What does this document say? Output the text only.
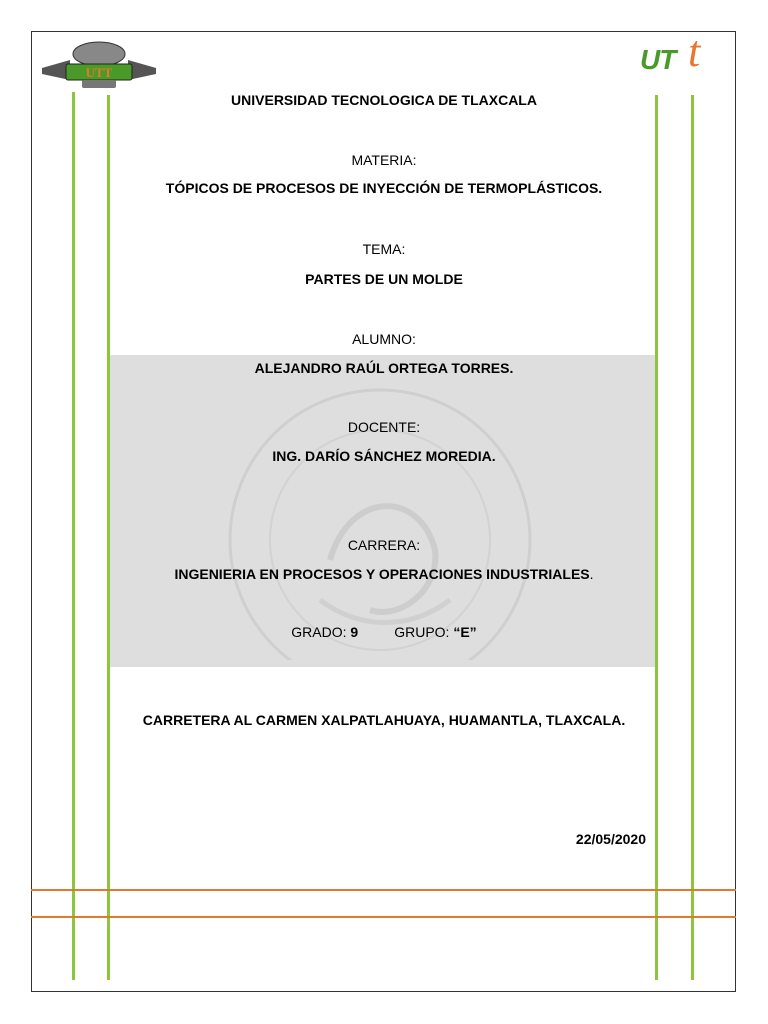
UTT	UT t
UNIVERSIDAD TECNOLOGICA DE TLAXCALA
MATERIA:
TÓPICOS DE PROCESOS DE INYECCIÓN DE TERMOPLÁSTICOS.
TEMA:
PARTES DE UN MOLDE
ALUMNO:
ALEJANDRO RAÚL ORTEGA TORRES.
DOCENTE:
ING. DARÍO SÁNCHEZ MOREDIA.
CARRERA:
INGENIERIA EN PROCESOS Y OPERACIONES INDUSTRIALES.
GRADO: 9	GRUPO: “E”
CARRETERA AL CARMEN XALPATLAHUAYA, HUAMANTLA, TLAXCALA.
22/05/2020
